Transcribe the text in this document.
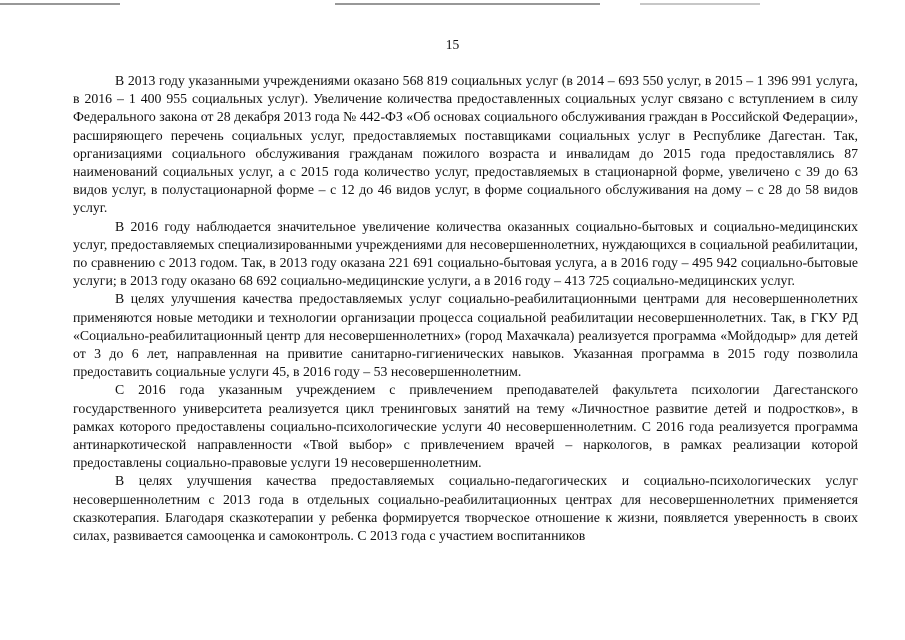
15

В 2013 году указанными учреждениями оказано 568 819 социальных услуг (в 2014 – 693 550 услуг, в 2015 – 1 396 991 услуга, в 2016 – 1 400 955 социальных услуг). Увеличение количества предоставленных социальных услуг связано с вступлением в силу Федерального закона от 28 декабря 2013 года № 442-ФЗ «Об основах социального обслуживания граждан в Российской Федерации», расширяющего перечень социальных услуг, предоставляемых поставщиками социальных услуг в Республике Дагестан. Так, организациями социального обслуживания гражданам пожилого возраста и инвалидам до 2015 года предоставлялись 87 наименований социальных услуг, а с 2015 года количество услуг, предоставляемых в стационарной форме, увеличено с 39 до 63 видов услуг, в полустационарной форме – с 12 до 46 видов услуг, в форме социального обслуживания на дому – с 28 до 58 видов услуг.

В 2016 году наблюдается значительное увеличение количества оказанных социально-бытовых и социально-медицинских услуг, предоставляемых специализированными учреждениями для несовершеннолетних, нуждающихся в социальной реабилитации, по сравнению с 2013 годом. Так, в 2013 году оказана 221 691 социально-бытовая услуга, а в 2016 году – 495 942 социально-бытовые услуги; в 2013 году оказано 68 692 социально-медицинские услуги, а в 2016 году – 413 725 социально-медицинских услуг.

В целях улучшения качества предоставляемых услуг социально-реабилитационными центрами для несовершеннолетних применяются новые методики и технологии организации процесса социальной реабилитации несовершеннолетних. Так, в ГКУ РД «Социально-реабилитационный центр для несовершеннолетних» (город Махачкала) реализуется программа «Мойдодыр» для детей от 3 до 6 лет, направленная на привитие санитарно-гигиенических навыков. Указанная программа в 2015 году позволила предоставить социальные услуги 45, в 2016 году – 53 несовершеннолетним.

С 2016 года указанным учреждением с привлечением преподавателей факультета психологии Дагестанского государственного университета реализуется цикл тренинговых занятий на тему «Личностное развитие детей и подростков», в рамках которого предоставлены социально-психологические услуги 40 несовершеннолетним. С 2016 года реализуется программа антинаркотической направленности «Твой выбор» с привлечением врачей – наркологов, в рамках реализации которой предоставлены социально-правовые услуги 19 несовершеннолетним.

В целях улучшения качества предоставляемых социально-педагогических и социально-психологических услуг несовершеннолетним с 2013 года в отдельных социально-реабилитационных центрах для несовершеннолетних применяется сказкотерапия. Благодаря сказкотерапии у ребенка формируется творческое отношение к жизни, появляется уверенность в своих силах, развивается самооценка и самоконтроль. С 2013 года с участием воспитанников
